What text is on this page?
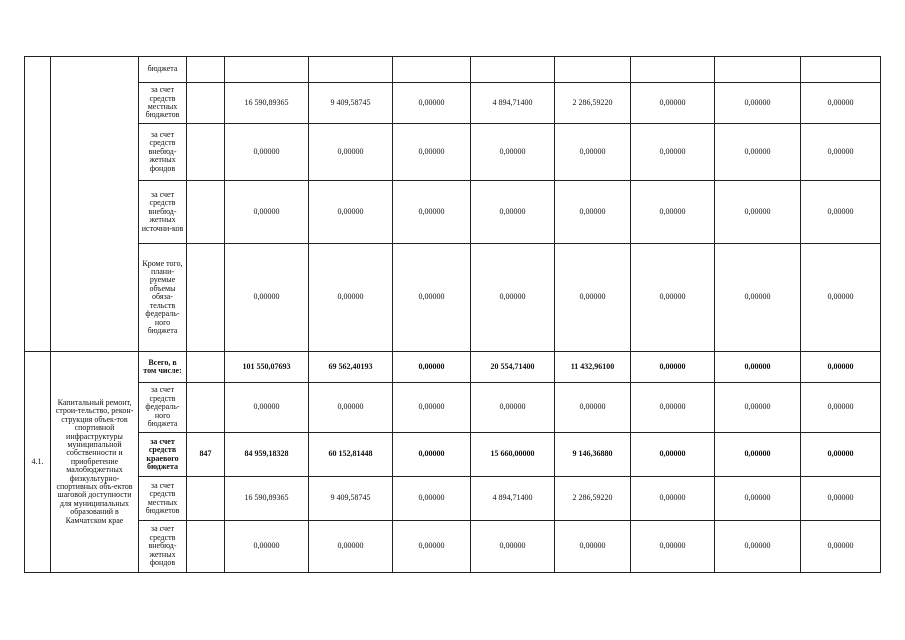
		бюджета									
		за счет средств местных бюджетов		16 590,89365	9 409,58745	0,00000	4 894,71400	2 286,59220	0,00000	0,00000	0,00000
		за счет средств внебюд-жетных фондов		0,00000	0,00000	0,00000	0,00000	0,00000	0,00000	0,00000	0,00000
		за счет средств внебюд-жетных источни-ков		0,00000	0,00000	0,00000	0,00000	0,00000	0,00000	0,00000	0,00000
		Кроме того, плани-руемые объемы обяза-тельств федераль-ного бюджета		0,00000	0,00000	0,00000	0,00000	0,00000	0,00000	0,00000	0,00000
4.1.	Капитальный ремонт, строи-тельство, рекон-струкция объек-тов спортивной инфраструктуры муниципальной собственности и приобретение малобюджетных физкультурно-спортивных объ-ектов шаговой доступности для муниципальных образований в Камчатском крае	Всего, в том числе:		101 550,07693	69 562,40193	0,00000	20 554,71400	11 432,96100	0,00000	0,00000	0,00000
		за счет средств федераль-ного бюджета		0,00000	0,00000	0,00000	0,00000	0,00000	0,00000	0,00000	0,00000
		за счет средств краевого бюджета	847	84 959,18328	60 152,81448	0,00000	15 660,00000	9 146,36880	0,00000	0,00000	0,00000
		за счет средств местных бюджетов		16 590,89365	9 409,58745	0,00000	4 894,71400	2 286,59220	0,00000	0,00000	0,00000
		за счет средств внебюд-жетных фондов		0,00000	0,00000	0,00000	0,00000	0,00000	0,00000	0,00000	0,00000
